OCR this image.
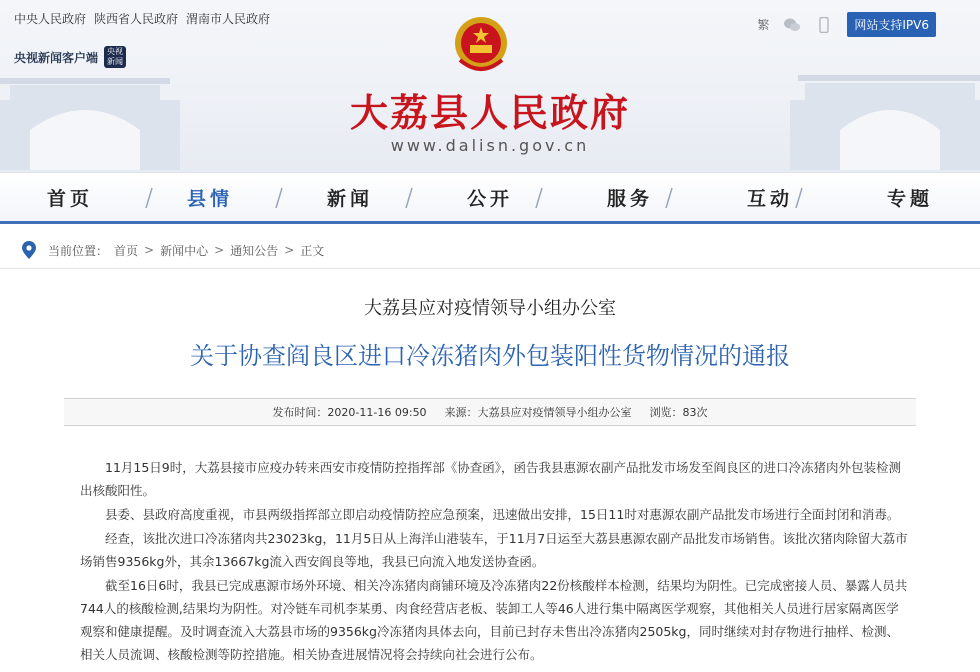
中央人民政府 陕西省人民政府 渭南市人民政府
央视新闻客户端	央视新闻
繁	网站支持IPV6
大荔县人民政府
www.dalisn.gov.cn
首页	县情	新闻	公开	服务	互动	专题
当前位置： 首页 > 新闻中心 > 通知公告 > 正文
大荔县应对疫情领导小组办公室
关于协查阎良区进口冷冻猪肉外包装阳性货物情况的通报
发布时间：2020-11-16 09:50 来源：大荔县应对疫情领导小组办公室 浏览：83次

11月15日9时，大荔县接市应疫办转来西安市疫情防控指挥部《协查函》，函告我县惠源农副产品批发市场发至阎良区的进口冷冻猪肉外包装检测出核酸阳性。

县委、县政府高度重视，市县两级指挥部立即启动疫情防控应急预案，迅速做出安排，15日11时对惠源农副产品批发市场进行全面封闭和消毒。

经查，该批次进口冷冻猪肉共23023kg，11月5日从上海洋山港装车，于11月7日运至大荔县惠源农副产品批发市场销售。该批次猪肉除留大荔市场销售9356kg外，其余13667kg流入西安阎良等地，我县已向流入地发送协查函。

截至16日6时，我县已完成惠源市场外环境、相关冷冻猪肉商铺环境及冷冻猪肉22份核酸样本检测，结果均为阴性。已完成密接人员、暴露人员共744人的核酸检测,结果均为阴性。对冷链车司机李某勇、肉食经营店老板、装卸工人等46人进行集中隔离医学观察，其他相关人员进行居家隔离医学观察和健康提醒。及时调查流入大荔县市场的9356kg冷冻猪肉具体去向，目前已封存未售出冷冻猪肉2505kg，同时继续对封存物进行抽样、检测、相关人员流调、核酸检测等防控措施。相关协查进展情况将会持续向社会进行公布。
